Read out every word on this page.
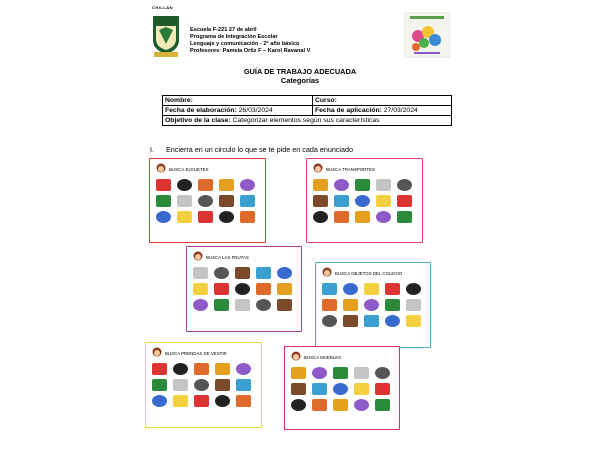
CHILLÁN
Escuela F-221 27 de abril
Programa de Integración Escolar
Lenguaje y comunicación - 2° año básico
Profesores: Pamela Ortiz F – Karol Ravanal V
GUÍA DE TRABAJO ADECUADA
Categorías
Nombre:	Curso:
Fecha de elaboración: 26/03/2024	Fecha de aplicación: 27/03/2024
Objetivo de la clase: Categorizar elementos según sus características	
I. Encierra en un circulo lo que se te pide en cada enunciado
BUSCA JUGUETES	BUSCA TRANSPORTES
BUSCA LAS FRUTAS
BUSCA OBJETOS DEL COLEGIO
BUSCA PRENDAS DE VESTIR
BUSCA MUEBLES
